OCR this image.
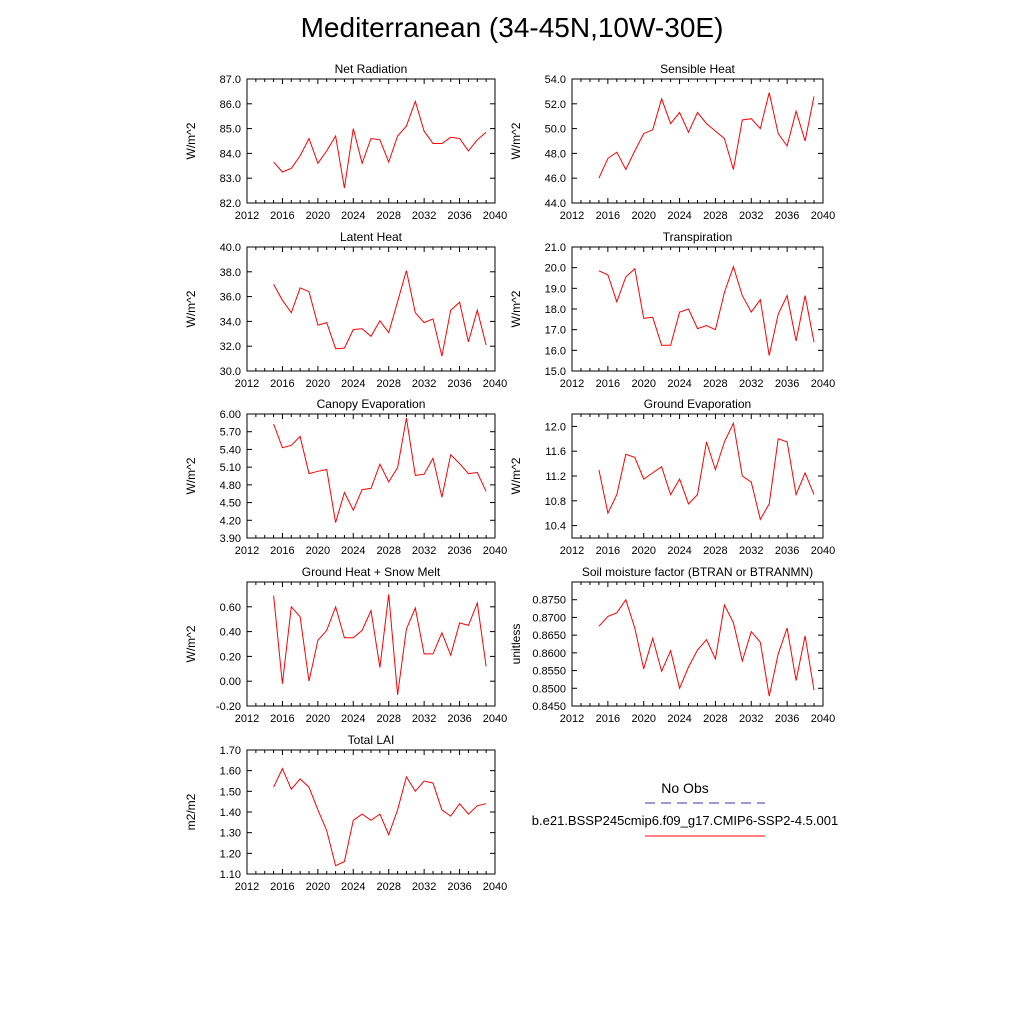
Mediterranean (34-45N,10W-30E)
Net Radiation
W/m^2
2012 2016 2020 2024 2028 2032 2036 2040
82.0
83.0
84.0
85.0
86.0
87.0
Sensible Heat
W/m^2
2012 2016 2020 2024 2028 2032 2036 2040
44.0
46.0
48.0
50.0
52.0
54.0
Latent Heat
W/m^2
2012 2016 2020 2024 2028 2032 2036 2040
30.0
32.0
34.0
36.0
38.0
40.0
Transpiration
W/m^2
2012 2016 2020 2024 2028 2032 2036 2040
15.0
16.0
17.0
18.0
19.0
20.0
21.0
Canopy Evaporation
W/m^2
2012 2016 2020 2024 2028 2032 2036 2040
3.90
4.20
4.50
4.80
5.10
5.40
5.70
6.00
Ground Evaporation
W/m^2
2012 2016 2020 2024 2028 2032 2036 2040
10.4
10.8
11.2
11.6
12.0
Ground Heat + Snow Melt
W/m^2
2012 2016 2020 2024 2028 2032 2036 2040
-0.20
0.00
0.20
0.40
0.60
Soil moisture factor (BTRAN or BTRANMN)
unitless
2012 2016 2020 2024 2028 2032 2036 2040
0.8450
0.8500
0.8550
0.8600
0.8650
0.8700
0.8750
Total LAI
m2/m2
2012 2016 2020 2024 2028 2032 2036 2040
1.10
1.20
1.30
1.40
1.50
1.60
1.70
No Obs
b.e21.BSSP245cmip6.f09_g17.CMIP6-SSP2-4.5.001
